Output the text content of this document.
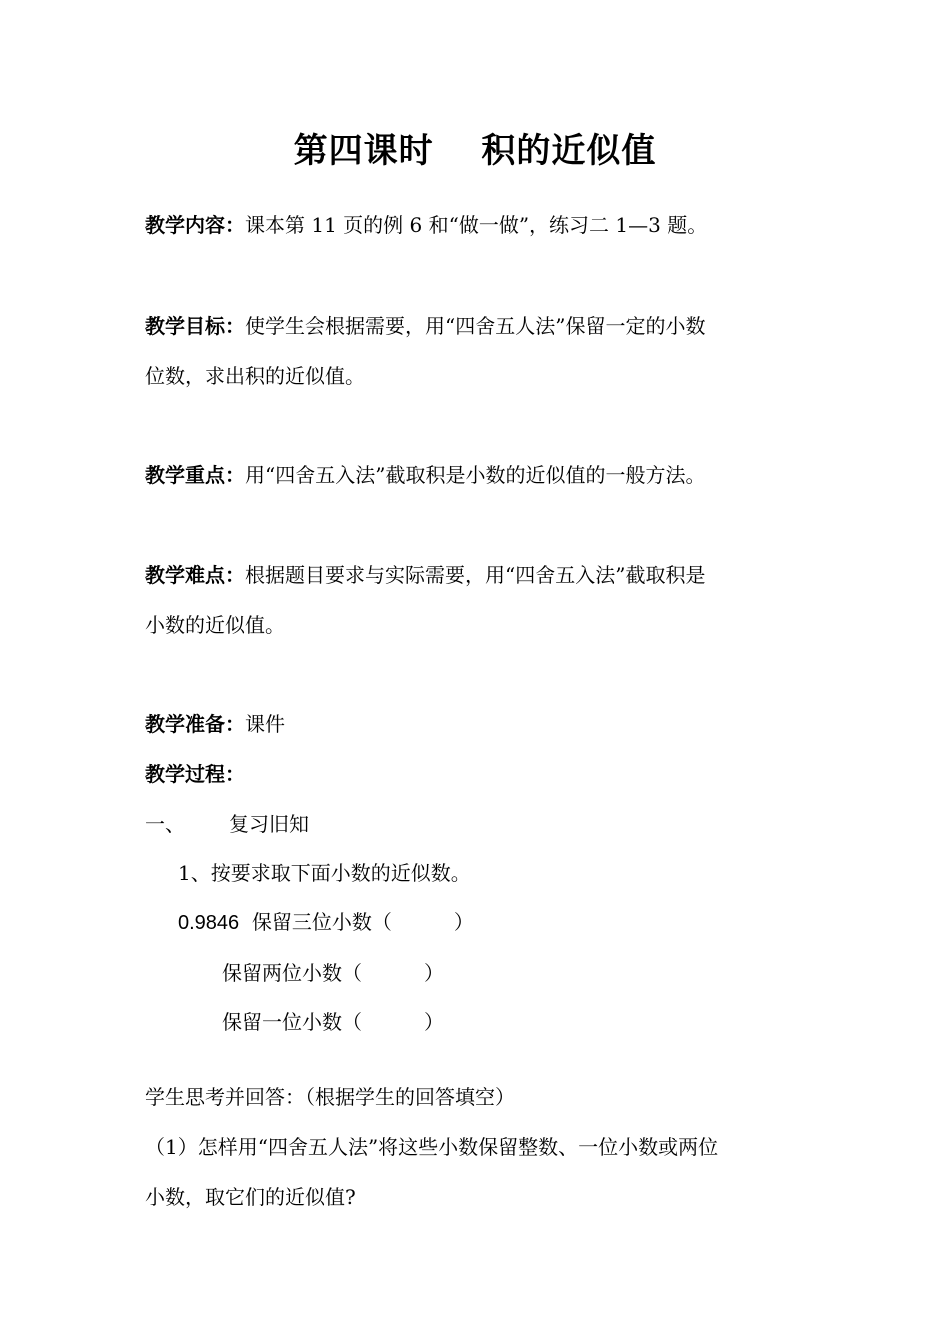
第四课时　 积的近似值
教学内容：课本第 11 页的例 6 和“做一做”，练习二 1—3 题。
教学目标：使学生会根据需要，用“四舍五人法”保留一定的小数
位数，求出积的近似值。
教学重点：用“四舍五入法”截取积是小数的近似值的一般方法。
教学难点：根据题目要求与实际需要，用“四舍五入法”截取积是
小数的近似值。
教学准备：课件
教学过程：
一、 复习旧知
1、按要求取下面小数的近似数。
0.9846 保留三位小数（	）
保留两位小数（	）
保留一位小数（	）
学生思考并回答：（根据学生的回答填空）
（1）怎样用“四舍五人法”将这些小数保留整数、一位小数或两位
小数，取它们的近似值?
